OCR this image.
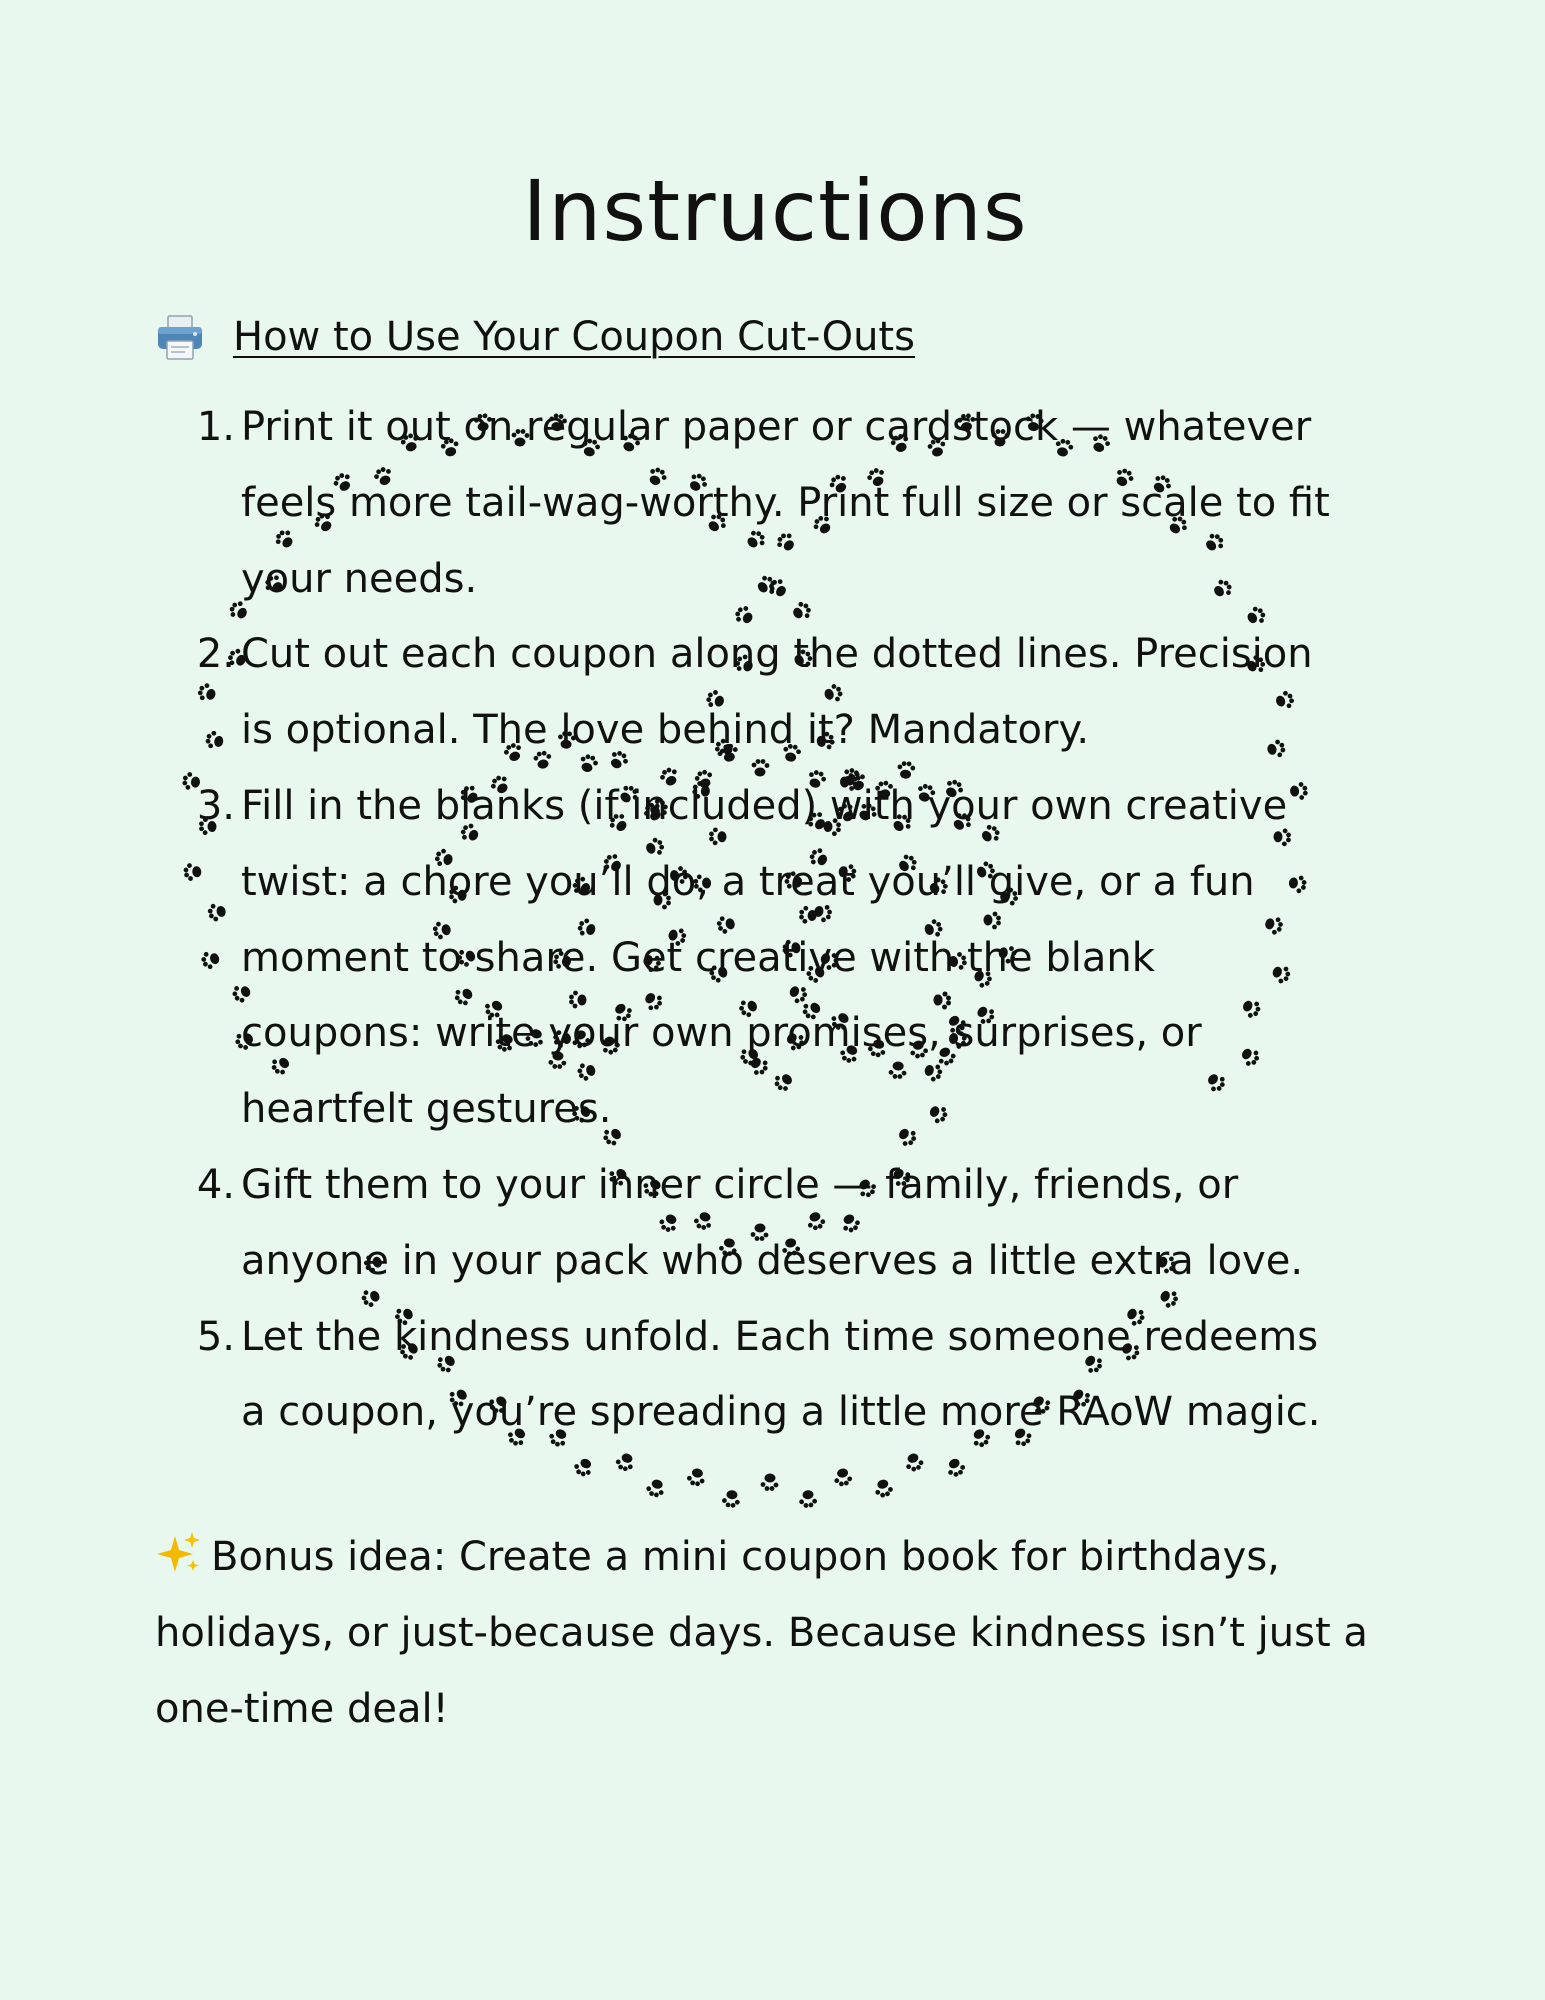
Instructions
How to Use Your Coupon Cut-Outs
1. Print it out on regular paper or cardstock — whatever feels more tail-wag-worthy. Print full size or scale to fit your needs.
2. Cut out each coupon along the dotted lines. Precision is optional. The love behind it? Mandatory.
3. Fill in the blanks (if included) with your own creative twist: a chore you’ll do, a treat you’ll give, or a fun moment to share. Get creative with the blank coupons: write your own promises, surprises, or heartfelt gestures.
4. Gift them to your inner circle — family, friends, or anyone in your pack who deserves a little extra love.
5. Let the kindness unfold. Each time someone redeems a coupon, you’re spreading a little more RAoW magic.

Bonus idea: Create a mini coupon book for birthdays, holidays, or just-because days. Because kindness isn’t just a one-time deal!
